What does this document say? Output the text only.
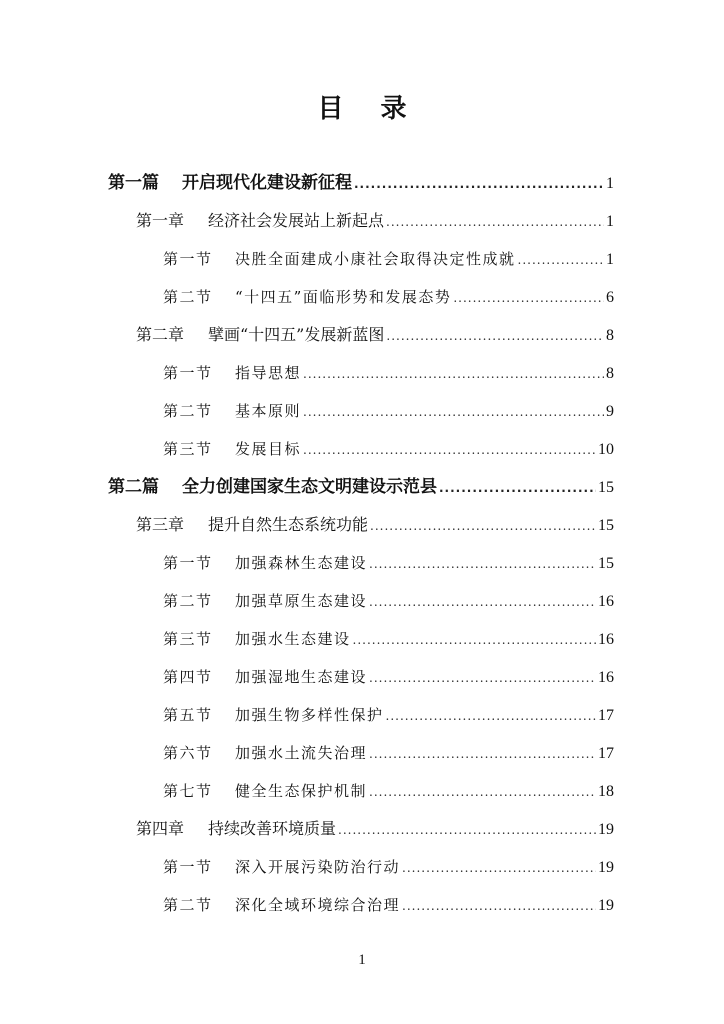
目 录
第一篇	开启现代化建设新征程 .....	1
第一章	经济社会发展站上新起点 .....	1
第一节	决胜全面建成小康社会取得决定性成就 .....	1
第二节	“十四五”面临形势和发展态势 .....	6
第二章	擘画“十四五”发展新蓝图 .....	8
第一节	指导思想 .....	8
第二节	基本原则 .....	9
第三节	发展目标 .....	10
第二篇	全力创建国家生态文明建设示范县 .....	15
第三章	提升自然生态系统功能 .....	15
第一节	加强森林生态建设 .....	15
第二节	加强草原生态建设 .....	16
第三节	加强水生态建设 .....	16
第四节	加强湿地生态建设 .....	16
第五节	加强生物多样性保护 .....	17
第六节	加强水土流失治理 .....	17
第七节	健全生态保护机制 .....	18
第四章	持续改善环境质量 .....	19
第一节	深入开展污染防治行动 .....	19
第二节	深化全域环境综合治理 .....	19
1
